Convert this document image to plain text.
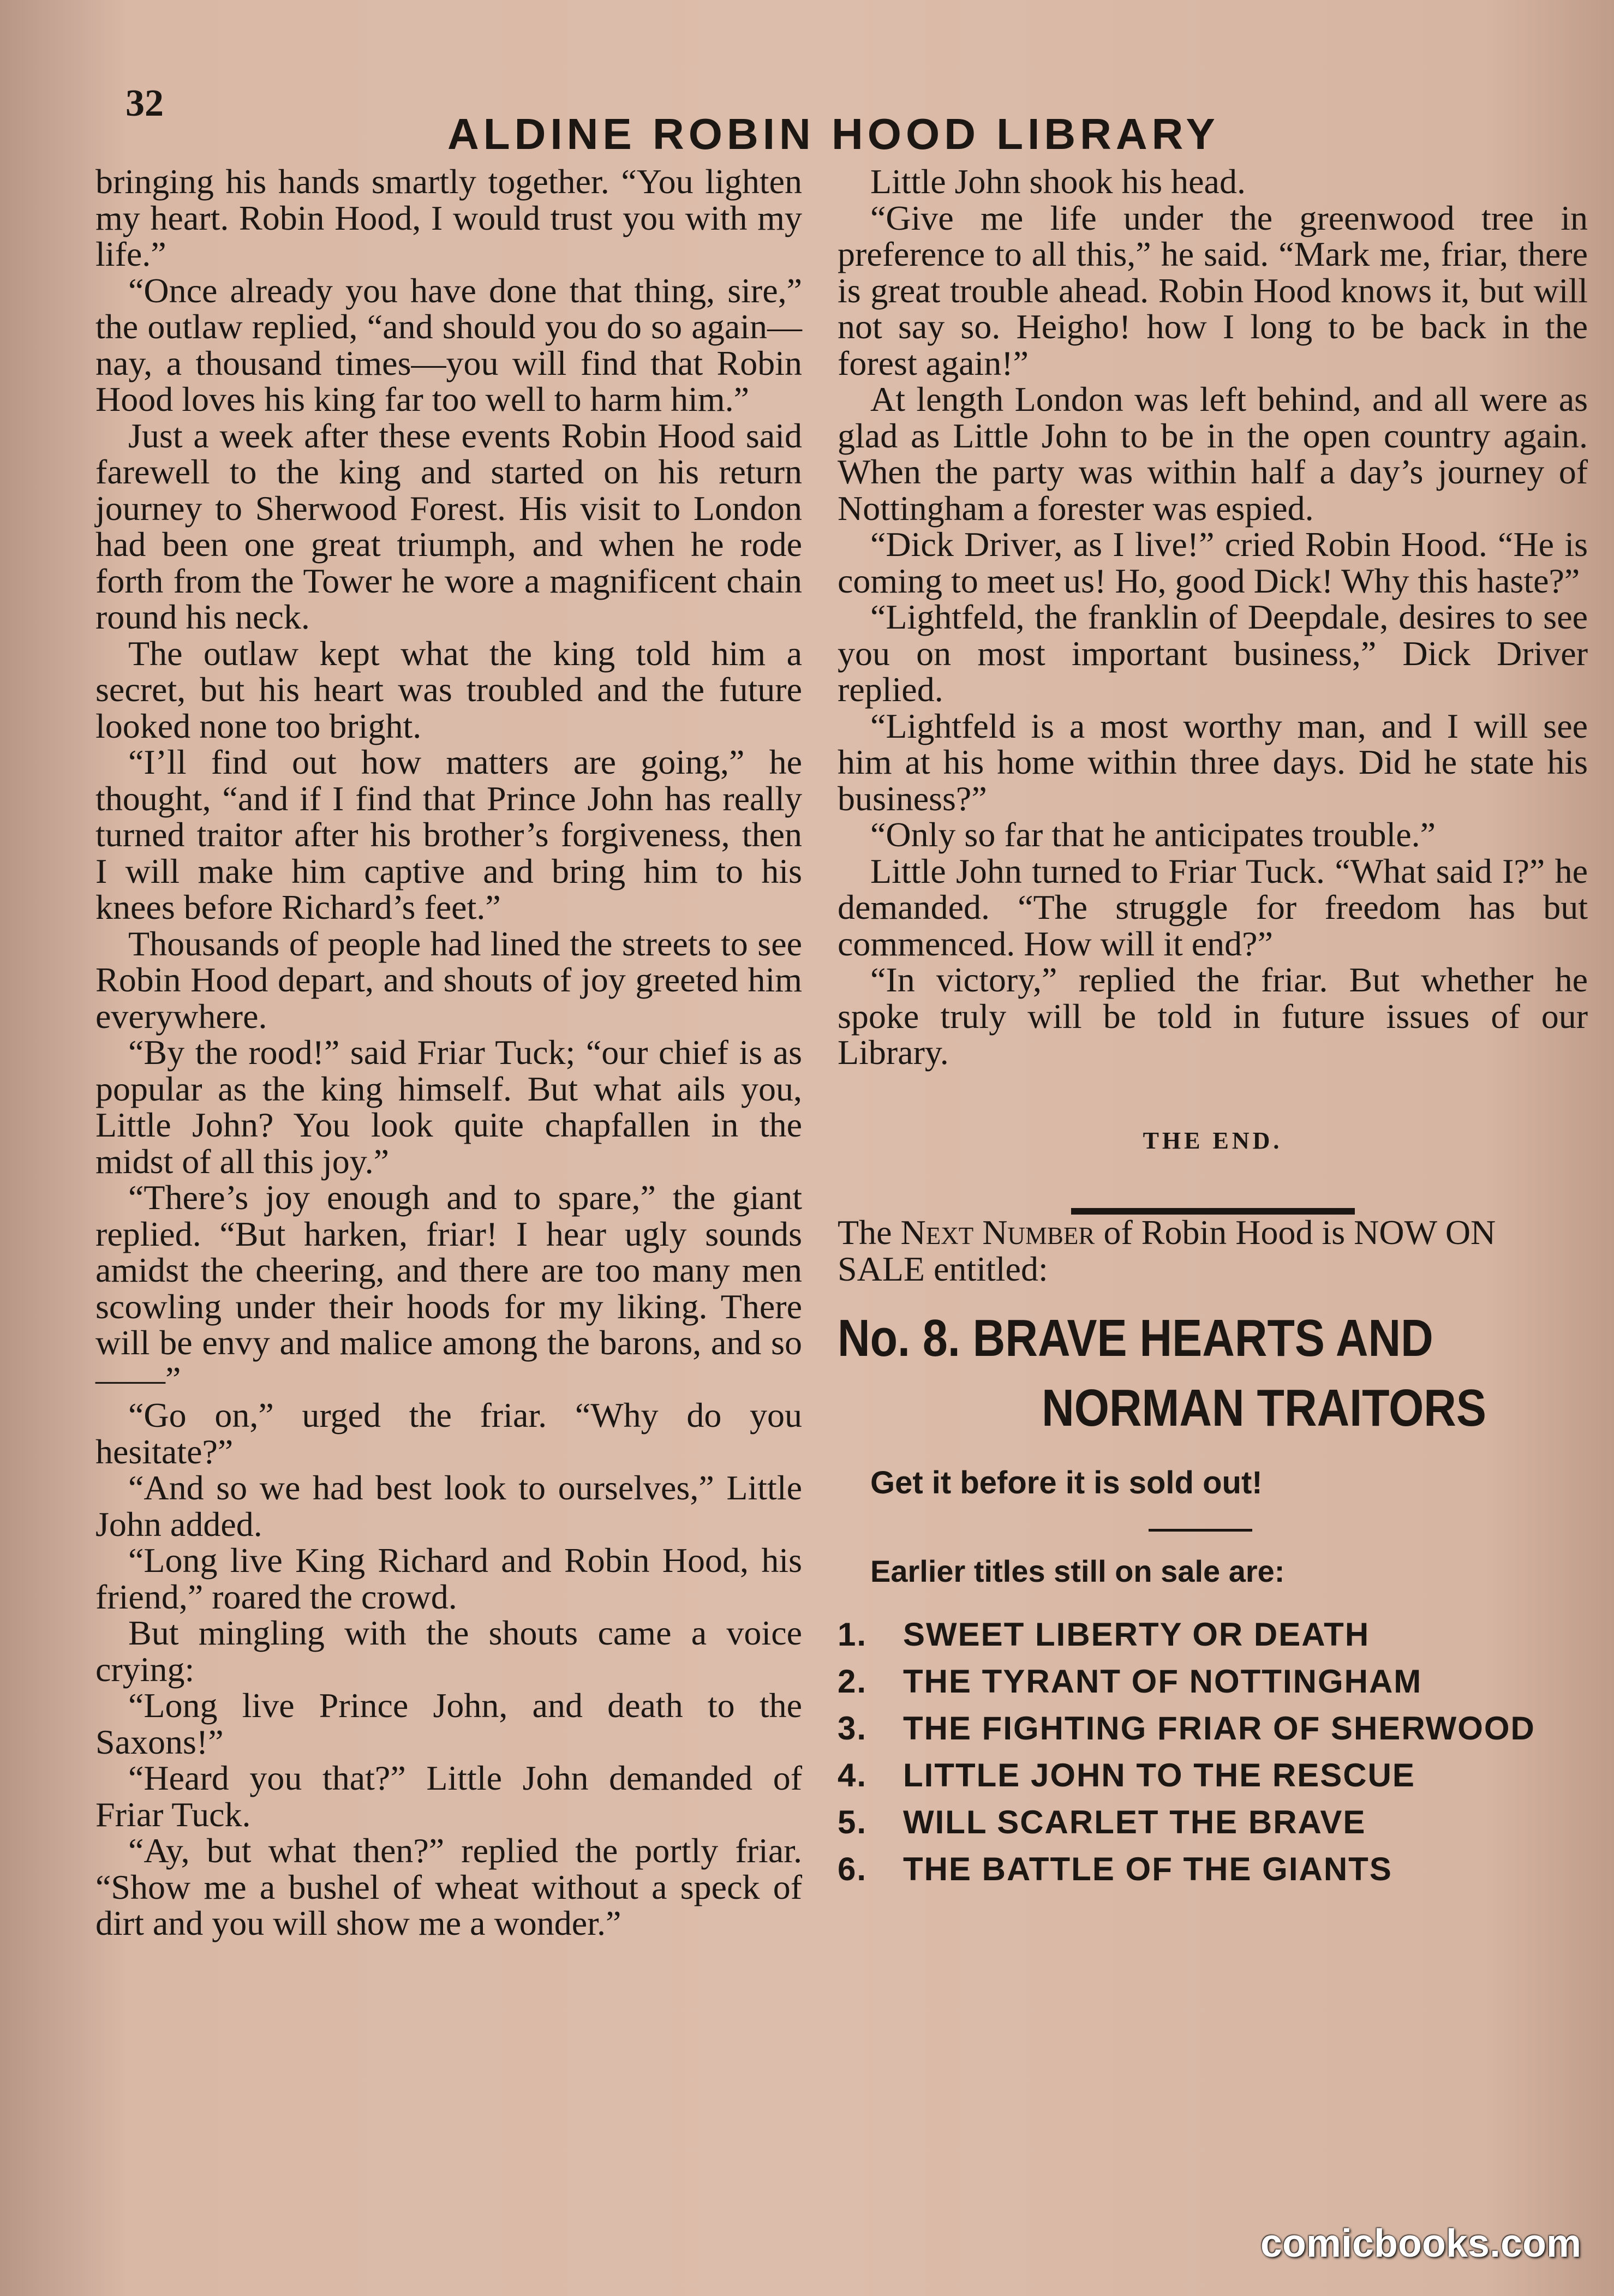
32
ALDINE ROBIN HOOD LIBRARY

bringing his hands smartly together. “You lighten my heart. Robin Hood, I would trust you with my life.”

“Once already you have done that thing, sire,” the outlaw replied, “and should you do so again—nay, a thousand times—you will find that Robin Hood loves his king far too well to harm him.”

Just a week after these events Robin Hood said farewell to the king and started on his return journey to Sherwood Forest. His visit to London had been one great triumph, and when he rode forth from the Tower he wore a magnificent chain round his neck.

The outlaw kept what the king told him a secret, but his heart was troubled and the future looked none too bright.

“I’ll find out how matters are going,” he thought, “and if I find that Prince John has really turned traitor after his brother’s forgiveness, then I will make him captive and bring him to his knees before Richard’s feet.”

Thousands of people had lined the streets to see Robin Hood depart, and shouts of joy greeted him everywhere.

“By the rood!” said Friar Tuck; “our chief is as popular as the king himself. But what ails you, Little John? You look quite chapfallen in the midst of all this joy.”

“There’s joy enough and to spare,” the giant replied. “But harken, friar! I hear ugly sounds amidst the cheering, and there are too many men scowling under their hoods for my liking. There will be envy and malice among the barons, and so——”

“Go on,” urged the friar. “Why do you hesitate?”

“And so we had best look to ourselves,” Little John added.

“Long live King Richard and Robin Hood, his friend,” roared the crowd.

But mingling with the shouts came a voice crying:

“Long live Prince John, and death to the Saxons!”

“Heard you that?” Little John demanded of Friar Tuck.

“Ay, but what then?” replied the portly friar. “Show me a bushel of wheat without a speck of dirt and you will show me a wonder.”

Little John shook his head.

“Give me life under the greenwood tree in preference to all this,” he said. “Mark me, friar, there is great trouble ahead. Robin Hood knows it, but will not say so. Heigho! how I long to be back in the forest again!”

At length London was left behind, and all were as glad as Little John to be in the open country again. When the party was within half a day’s journey of Nottingham a forester was espied.

“Dick Driver, as I live!” cried Robin Hood. “He is coming to meet us! Ho, good Dick! Why this haste?”

“Lightfeld, the franklin of Deepdale, desires to see you on most important business,” Dick Driver replied.

“Lightfeld is a most worthy man, and I will see him at his home within three days. Did he state his business?”

“Only so far that he anticipates trouble.”

Little John turned to Friar Tuck. “What said I?” he demanded. “The struggle for freedom has but commenced. How will it end?”

“In victory,” replied the friar. But whether he spoke truly will be told in future issues of our Library.

THE END.

The Next Number of Robin Hood is NOW ON SALE entitled:

No. 8. BRAVE HEARTS AND
NORMAN TRAITORS
Get it before it is sold out!
Earlier titles still on sale are:
1.	SWEET LIBERTY OR DEATH
2.	THE TYRANT OF NOTTINGHAM
3.	THE FIGHTING FRIAR OF SHERWOOD
4.	LITTLE JOHN TO THE RESCUE
5.	WILL SCARLET THE BRAVE
6.	THE BATTLE OF THE GIANTS
comicbooks.com
